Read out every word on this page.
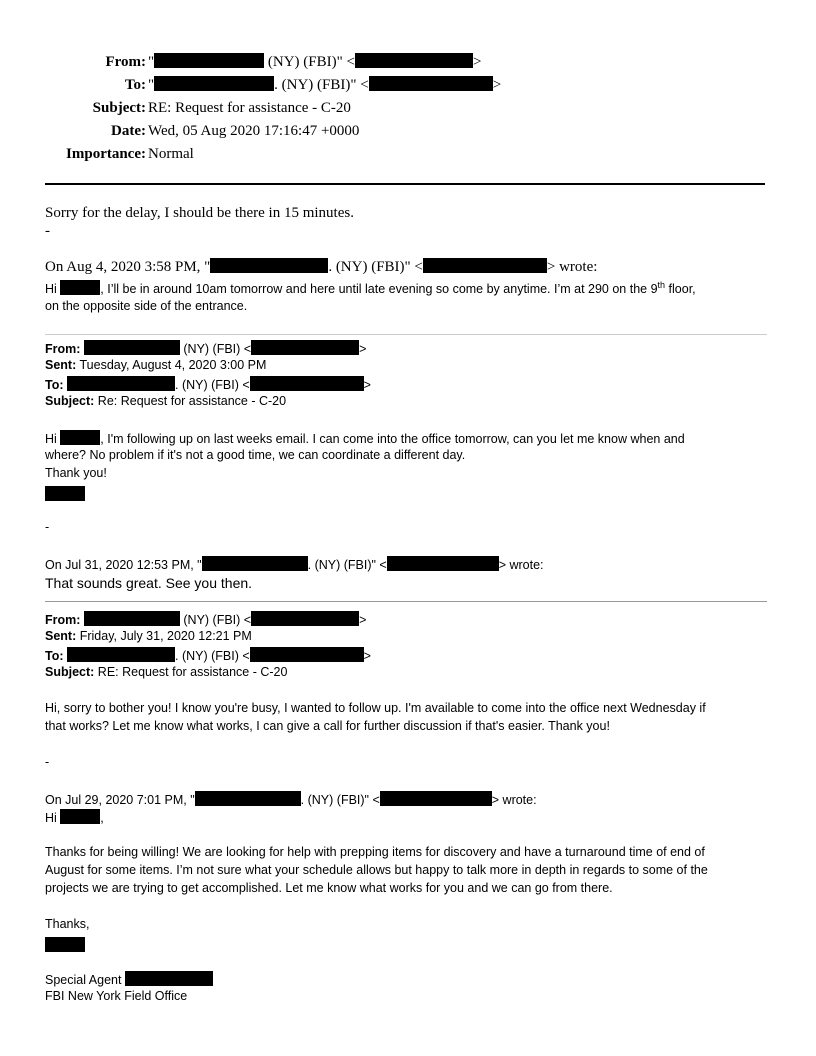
From: "	(NY) (FBI)" <	>
To: "	. (NY) (FBI)" <	>
Subject: RE: Request for assistance - C-20
Date: Wed, 05 Aug 2020 17:16:47 +0000
Importance: Normal
Sorry for the delay, I should be there in 15 minutes.
-
On Aug 4, 2020 3:58 PM, "	. (NY) (FBI)" <	> wrote:
Hi	, I’ll be in around 10am tomorrow and here until late evening so come by anytime. I’m at 290 on the 9th floor,
on the opposite side of the entrance.
From:	(NY) (FBI) <	>
Sent: Tuesday, August 4, 2020 3:00 PM
To:	. (NY) (FBI) <	>
Subject: Re: Request for assistance - C-20
Hi	, I'm following up on last weeks email. I can come into the office tomorrow, can you let me know when and
where? No problem if it's not a good time, we can coordinate a different day.
Thank you!
-
On Jul 31, 2020 12:53 PM, "	. (NY) (FBI)" <	> wrote:
That sounds great. See you then.
From:	(NY) (FBI) <	>
Sent: Friday, July 31, 2020 12:21 PM
To:	. (NY) (FBI) <	>
Subject: RE: Request for assistance - C-20
Hi, sorry to bother you! I know you're busy, I wanted to follow up. I'm available to come into the office next Wednesday if
that works? Let me know what works, I can give a call for further discussion if that's easier. Thank you!
-
On Jul 29, 2020 7:01 PM, "	. (NY) (FBI)" <	> wrote:
Hi	,
Thanks for being willing! We are looking for help with prepping items for discovery and have a turnaround time of end of
August for some items. I’m not sure what your schedule allows but happy to talk more in depth in regards to some of the
projects we are trying to get accomplished. Let me know what works for you and we can go from there.
Thanks,
Special Agent
FBI New York Field Office
